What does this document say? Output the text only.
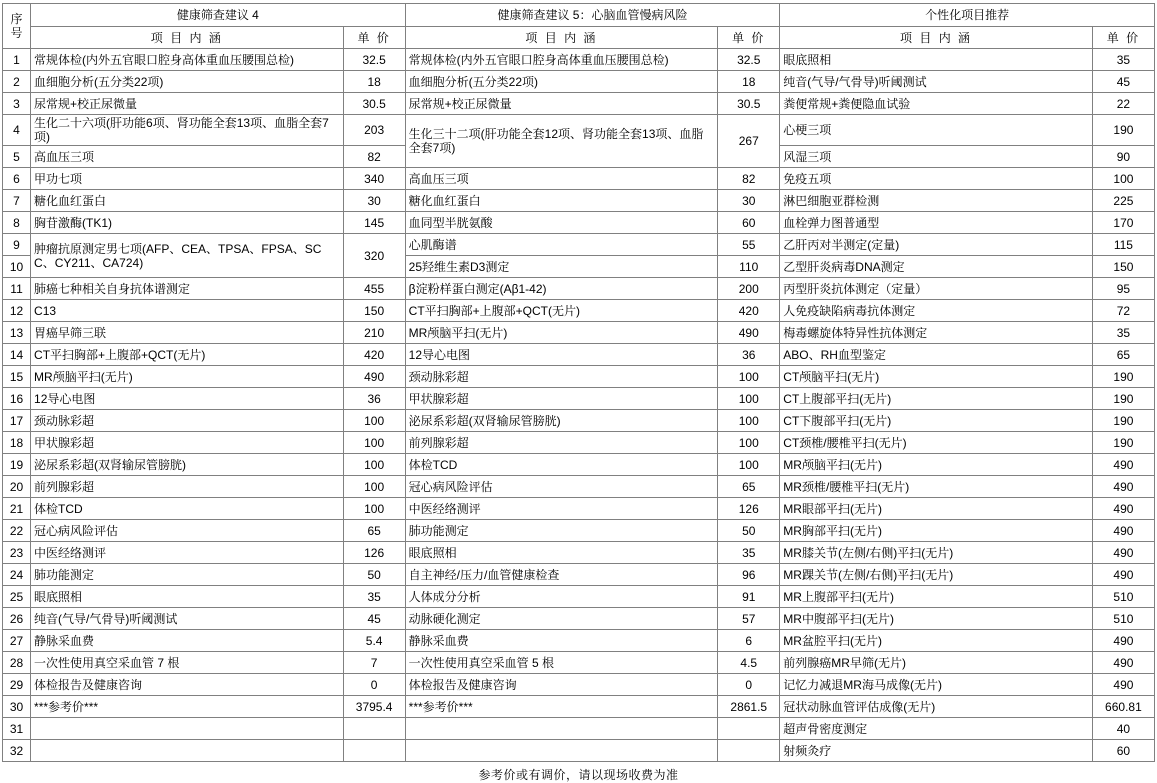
序 号	健康筛查建议 4		健康筛查建议 5：心脑血管慢病风险		个性化项目推荐	
	项 目 内 涵	单 价	项 目 内 涵	单 价	项 目 内 涵	单 价
1	常规体检(内外五官眼口腔身高体重血压腰围总检)	32.5	常规体检(内外五官眼口腔身高体重血压腰围总检)	32.5	眼底照相	35
2	血细胞分析(五分类22项)	18	血细胞分析(五分类22项)	18	纯音(气导/气骨导)听阈测试	45
3	尿常规+校正尿微量	30.5	尿常规+校正尿微量	30.5	粪便常规+粪便隐血试验	22
4	生化二十六项(肝功能6项、肾功能全套13项、血脂全套7项)	203	生化三十二项(肝功能全套12项、肾功能全套13项、血脂全套7项)	267	心梗三项	190
5	高血压三项	82			风湿三项	90
6	甲功七项	340	高血压三项	82	免疫五项	100
7	糖化血红蛋白	30	糖化血红蛋白	30	淋巴细胞亚群检测	225
8	胸苷激酶(TK1)	145	血同型半胱氨酸	60	血栓弹力图普通型	170
9	肿瘤抗原测定男七项(AFP、CEA、TPSA、FPSA、SCC、CY211、CA724)	320	心肌酶谱	55	乙肝丙对半测定(定量)	115
10			25羟维生素D3测定	110	乙型肝炎病毒DNA测定	150
11	肺癌七种相关自身抗体谱测定	455	β淀粉样蛋白测定(Aβ1-42)	200	丙型肝炎抗体测定（定量）	95
12	C13	150	CT平扫胸部+上腹部+QCT(无片)	420	人免疫缺陷病毒抗体测定	72
13	胃癌早筛三联	210	MR颅脑平扫(无片)	490	梅毒螺旋体特异性抗体测定	35
14	CT平扫胸部+上腹部+QCT(无片)	420	12导心电图	36	ABO、RH血型鉴定	65
15	MR颅脑平扫(无片)	490	颈动脉彩超	100	CT颅脑平扫(无片)	190
16	12导心电图	36	甲状腺彩超	100	CT上腹部平扫(无片)	190
17	颈动脉彩超	100	泌尿系彩超(双肾输尿管膀胱)	100	CT下腹部平扫(无片)	190
18	甲状腺彩超	100	前列腺彩超	100	CT颈椎/腰椎平扫(无片)	190
19	泌尿系彩超(双肾输尿管膀胱)	100	体检TCD	100	MR颅脑平扫(无片)	490
20	前列腺彩超	100	冠心病风险评估	65	MR颈椎/腰椎平扫(无片)	490
21	体检TCD	100	中医经络测评	126	MR眼部平扫(无片)	490
22	冠心病风险评估	65	肺功能测定	50	MR胸部平扫(无片)	490
23	中医经络测评	126	眼底照相	35	MR膝关节(左侧/右侧)平扫(无片)	490
24	肺功能测定	50	自主神经/压力/血管健康检查	96	MR踝关节(左侧/右侧)平扫(无片)	490
25	眼底照相	35	人体成分分析	91	MR上腹部平扫(无片)	510
26	纯音(气导/气骨导)听阈测试	45	动脉硬化测定	57	MR中腹部平扫(无片)	510
27	静脉采血费	5.4	静脉采血费	6	MR盆腔平扫(无片)	490
28	一次性使用真空采血管 7 根	7	一次性使用真空采血管 5 根	4.5	前列腺癌MR早筛(无片)	490
29	体检报告及健康咨询	0	体检报告及健康咨询	0	记忆力减退MR海马成像(无片)	490
30	***参考价***	3795.4	***参考价***	2861.5	冠状动脉血管评估成像(无片)	660.81
31					超声骨密度测定	40
32					射频灸疗	60
参考价或有调价，请以现场收费为准
